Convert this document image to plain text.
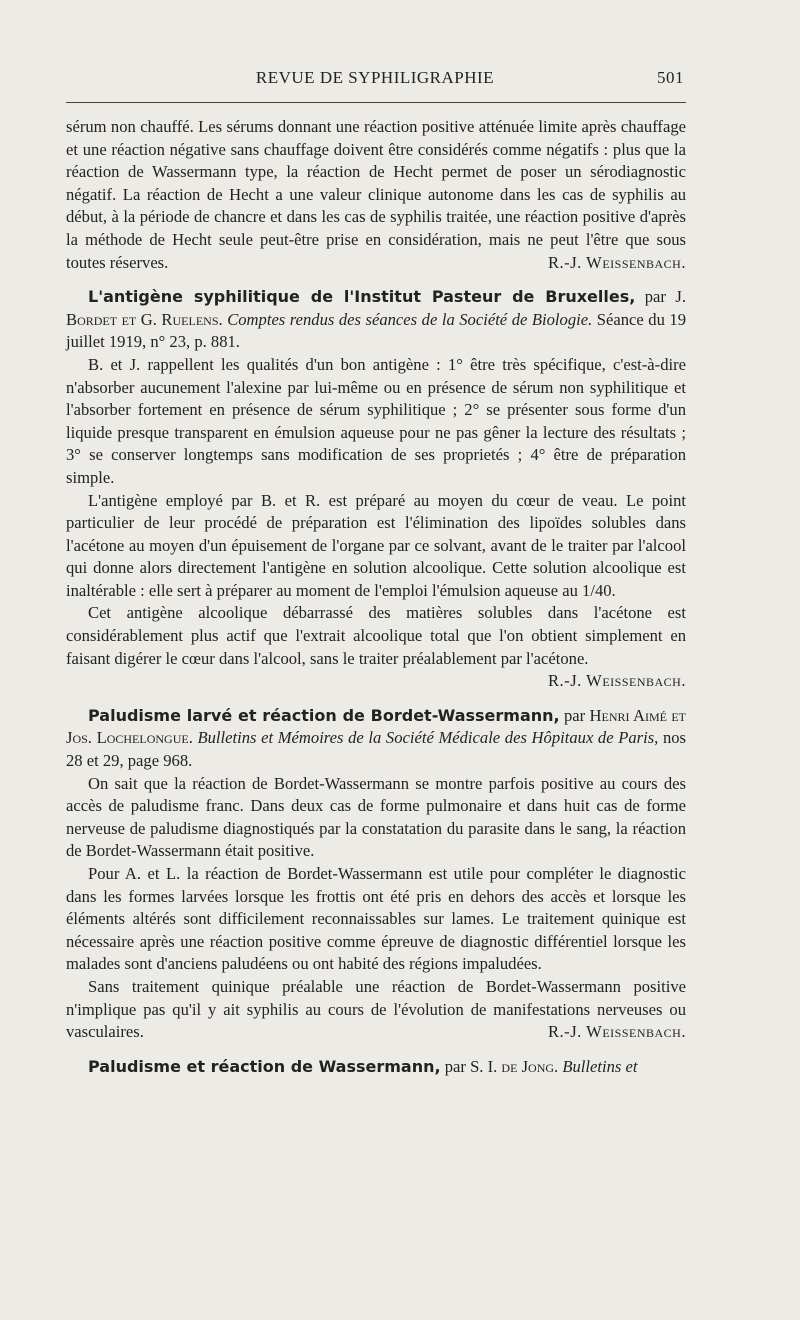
REVUE DE SYPHILIGRAPHIE	501

sérum non chauffé. Les sérums donnant une réaction positive atténuée limite après chauffage et une réaction négative sans chauffage doivent être considérés comme négatifs : plus que la réaction de Wassermann type, la réaction de Hecht permet de poser un sérodiagnostic négatif. La réaction de Hecht a une valeur clinique autonome dans les cas de syphilis au début, à la période de chancre et dans les cas de syphilis traitée, une réaction positive d'après la méthode de Hecht seule peut-être prise en considération, mais ne peut l'être que sous toutes réserves.	R.-J. Weissenbach.

L'antigène syphilitique de l'Institut Pasteur de Bruxelles, par J. Bordet et G. Ruelens. Comptes rendus des séances de la Société de Biologie. Séance du 19 juillet 1919, n° 23, p. 881.

B. et J. rappellent les qualités d'un bon antigène : 1° être très spécifique, c'est-à-dire n'absorber aucunement l'alexine par lui-même ou en présence de sérum non syphilitique et l'absorber fortement en présence de sérum syphilitique ; 2° se présenter sous forme d'un liquide presque transparent en émulsion aqueuse pour ne pas gêner la lecture des résultats ; 3° se conserver longtemps sans modification de ses proprietés ; 4° être de préparation simple.

L'antigène employé par B. et R. est préparé au moyen du cœur de veau. Le point particulier de leur procédé de préparation est l'élimination des lipoïdes solubles dans l'acétone au moyen d'un épuisement de l'organe par ce solvant, avant de le traiter par l'alcool qui donne alors directement l'antigène en solution alcoolique. Cette solution alcoolique est inaltérable : elle sert à préparer au moment de l'emploi l'émulsion aqueuse au 1/40.

Cet antigène alcoolique débarrassé des matières solubles dans l'acétone est considérablement plus actif que l'extrait alcoolique total que l'on obtient simplement en faisant digérer le cœur dans l'alcool, sans le traiter préalablement par l'acétone.
R.-J. Weissenbach.

Paludisme larvé et réaction de Bordet-Wassermann, par Henri Aimé et Jos. Lochelongue. Bulletins et Mémoires de la Société Médicale des Hôpitaux de Paris, nos 28 et 29, page 968.

On sait que la réaction de Bordet-Wassermann se montre parfois positive au cours des accès de paludisme franc. Dans deux cas de forme pulmonaire et dans huit cas de forme nerveuse de paludisme diagnostiqués par la constatation du parasite dans le sang, la réaction de Bordet-Wassermann était positive.

Pour A. et L. la réaction de Bordet-Wassermann est utile pour compléter le diagnostic dans les formes larvées lorsque les frottis ont été pris en dehors des accès et lorsque les éléments altérés sont difficilement reconnaissables sur lames. Le traitement quinique est nécessaire après une réaction positive comme épreuve de diagnostic différentiel lorsque les malades sont d'anciens paludéens ou ont habité des régions impaludées.

Sans traitement quinique préalable une réaction de Bordet-Wassermann positive n'implique pas qu'il y ait syphilis au cours de l'évolution de manifestations nerveuses ou vasculaires.	R.-J. Weissenbach.

Paludisme et réaction de Wassermann, par S. I. de Jong. Bulletins et
